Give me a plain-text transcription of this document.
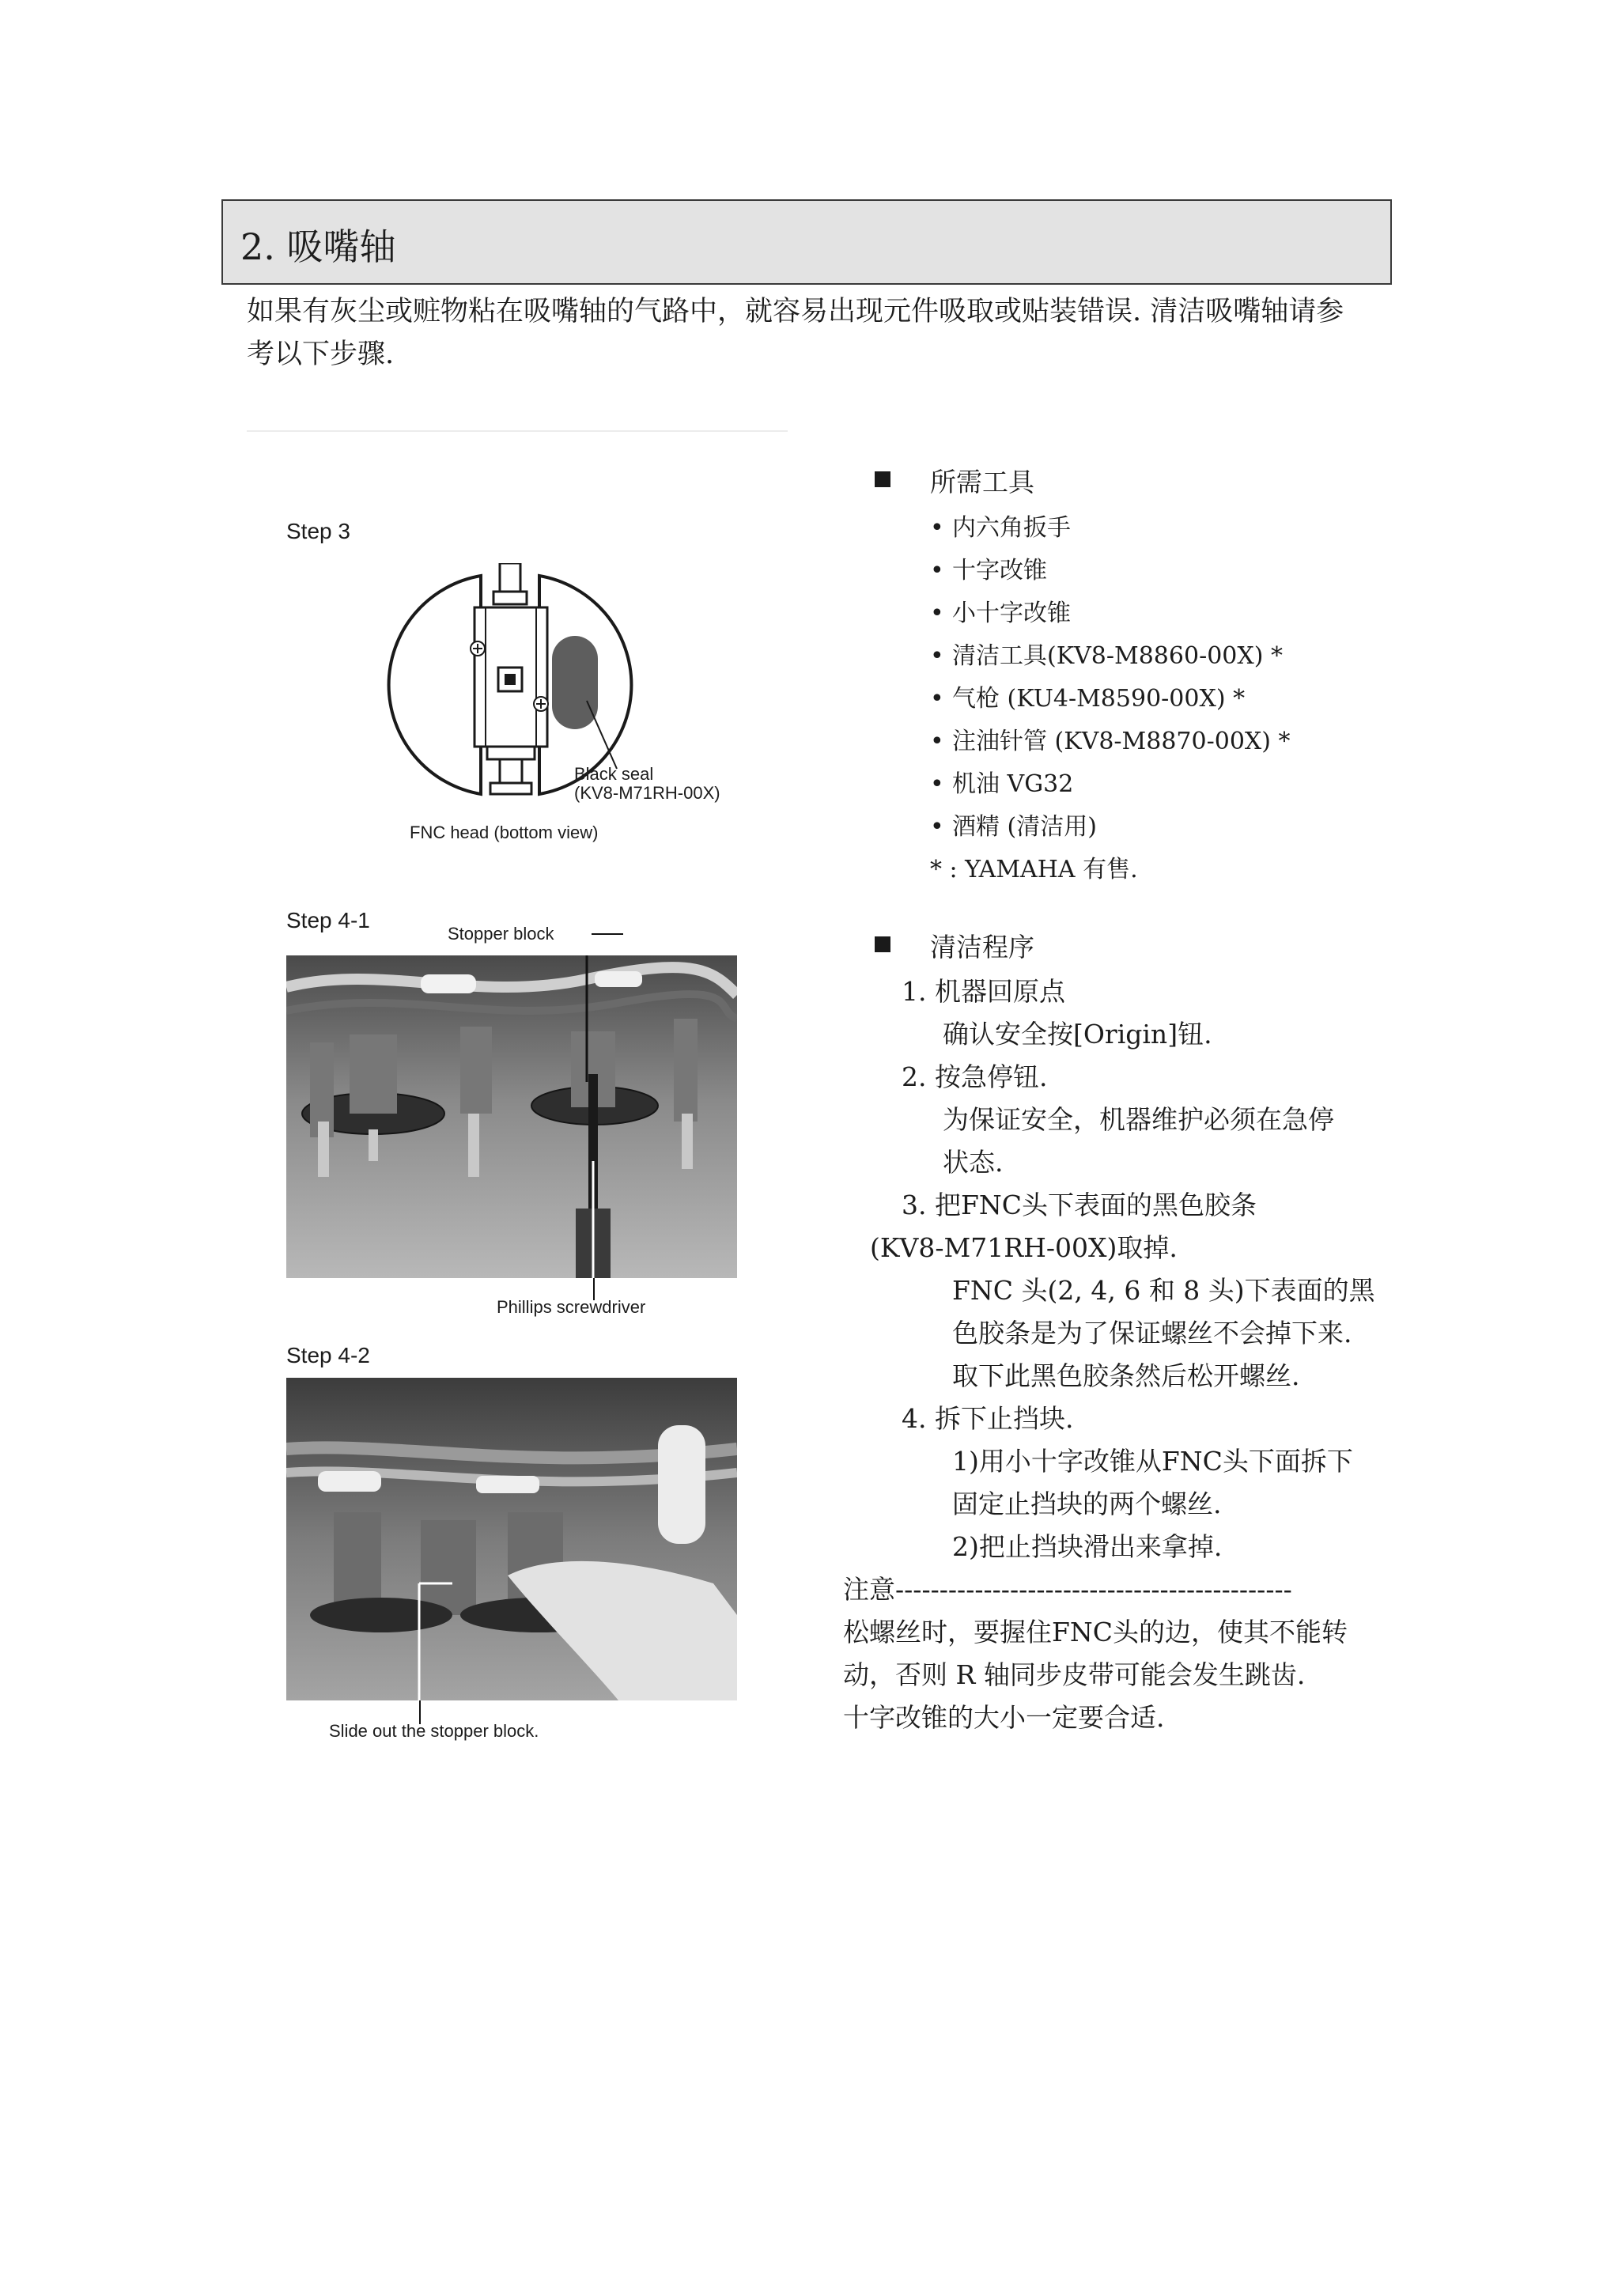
2. 吸嘴轴
如果有灰尘或赃物粘在吸嘴轴的气路中，就容易出现元件吸取或贴装错误. 清洁吸嘴轴请参
考以下步骤.
Step 3
Black seal
(KV8-M71RH-00X)
FNC head (bottom view)
Step 4-1
Stopper block
Phillips screwdriver
Step 4-2
Slide out the stopper block.
所需工具
• 内六角扳手
• 十字改锥
• 小十字改锥
• 清洁工具(KV8-M8860-00X) *
• 气枪 (KU4-M8590-00X) *
• 注油针管 (KV8-M8870-00X) *
• 机油 VG32
• 酒精 (清洁用)
* : YAMAHA 有售.
清洁程序
1. 机器回原点
确认安全按[Origin]钮.
2. 按急停钮.
为保证安全，机器维护必须在急停
状态.
3. 把FNC头下表面的黑色胶条
(KV8-M71RH-00X)取掉.
FNC 头(2, 4, 6 和 8 头)下表面的黑
色胶条是为了保证螺丝不会掉下来.
取下此黑色胶条然后松开螺丝.
4. 拆下止挡块.
1)用小十字改锥从FNC头下面拆下
固定止挡块的两个螺丝.
2)把止挡块滑出来拿掉.
注意---------------------------------------------
松螺丝时，要握住FNC头的边，使其不能转
动，否则 R 轴同步皮带可能会发生跳齿.
十字改锥的大小一定要合适.
